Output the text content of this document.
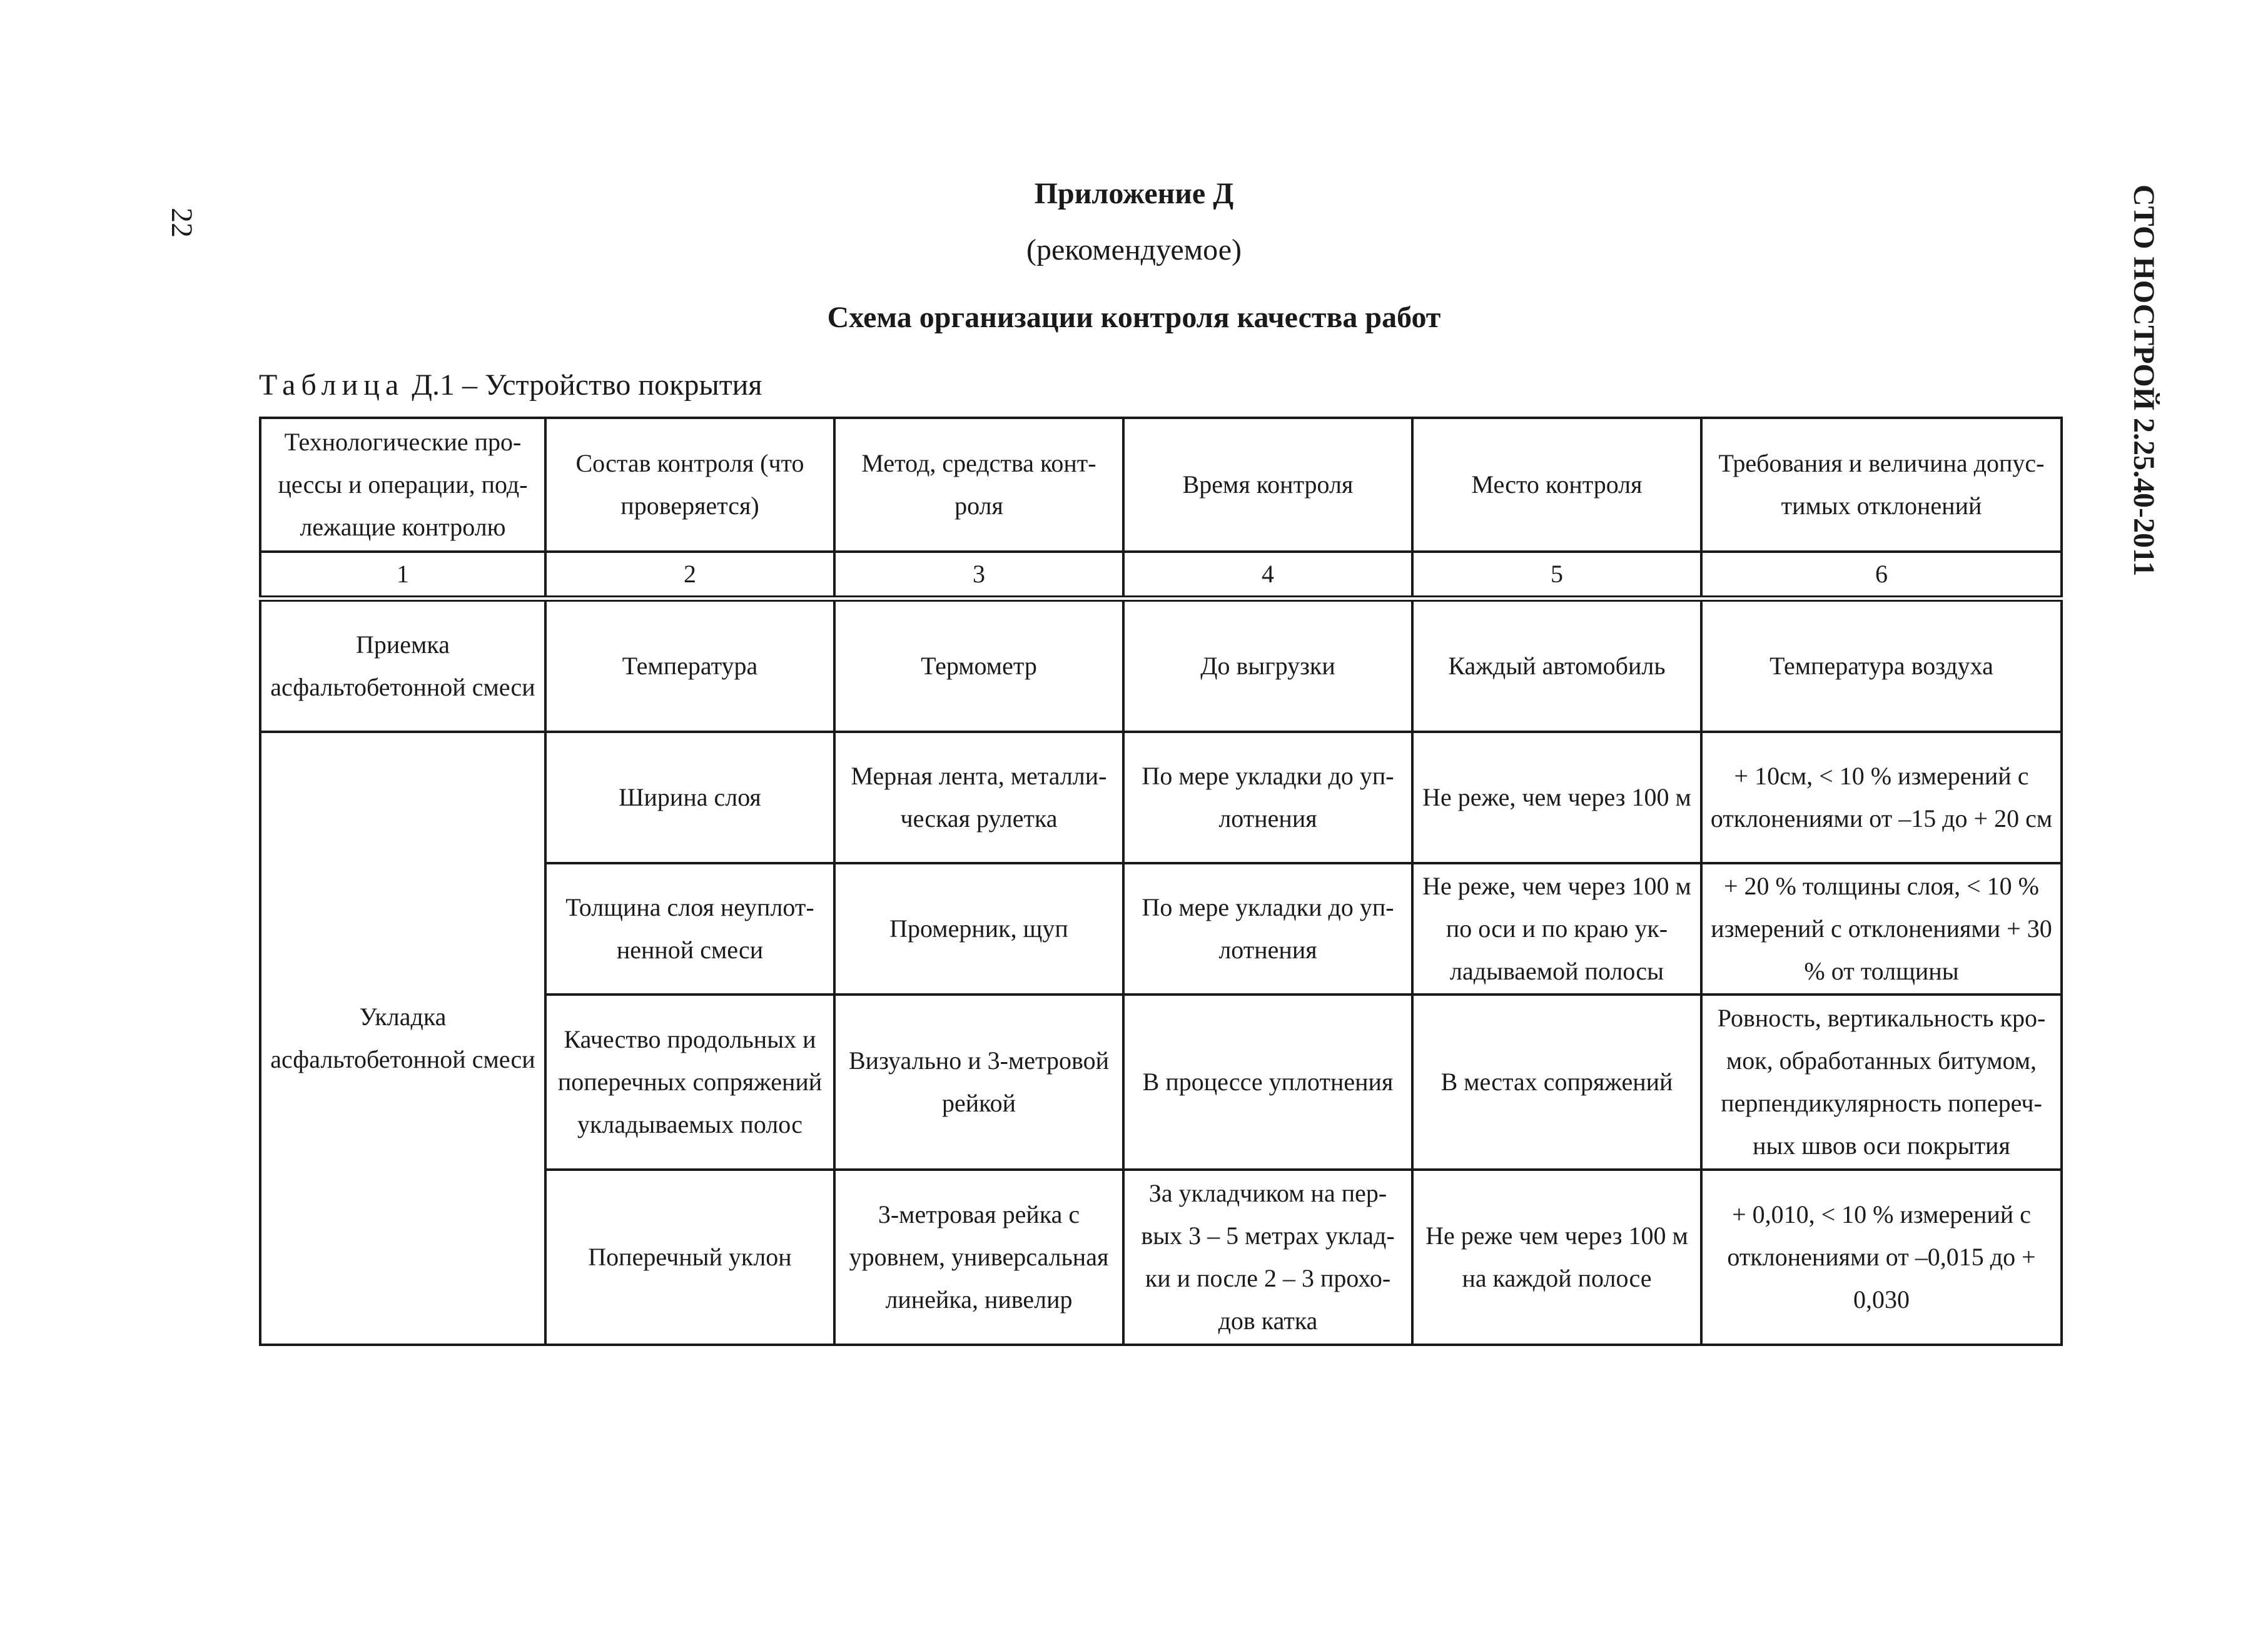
22	СТО НОСТРОЙ 2.25.40-2011
Приложение Д
(рекомендуемое)
Схема организации контроля качества работ
Таблица Д.1 – Устройство покрытия
Технологические про-цессы и операции, под-лежащие контролю	Состав контроля (что проверяется)	Метод, средства конт-роля	Время контроля	Место контроля	Требования и величина допус-тимых отклонений
1	2	3	4	5	6
Приемка асфальтобетонной смеси	Температура	Термометр	До выгрузки	Каждый автомобиль	Температура воздуха
Укладка асфальтобетонной смеси	Ширина слоя	Мерная лента, металли-ческая рулетка	По мере укладки до уп-лотнения	Не реже, чем через 100 м	+ 10см, < 10 % измерений с отклонениями от –15 до + 20 см
	Толщина слоя неуплот-ненной смеси	Промерник, щуп	По мере укладки до уп-лотнения	Не реже, чем через 100 м по оси и по краю ук-ладываемой полосы	+ 20 % толщины слоя, < 10 % измерений с отклонениями + 30 % от толщины
	Качество продольных и поперечных сопряжений укладываемых полос	Визуально и 3-метровой рейкой	В процессе уплотнения	В местах сопряжений	Ровность, вертикальность кро-мок, обработанных битумом, перпендикулярность попереч-ных швов оси покрытия
	Поперечный уклон	3-метровая рейка с уровнем, универсальная линейка, нивелир	За укладчиком на пер-вых 3 – 5 метрах уклад-ки и после 2 – 3 прохо-дов катка	Не реже чем через 100 м на каждой полосе	+ 0,010, < 10 % измерений с отклонениями от –0,015 до + 0,030
